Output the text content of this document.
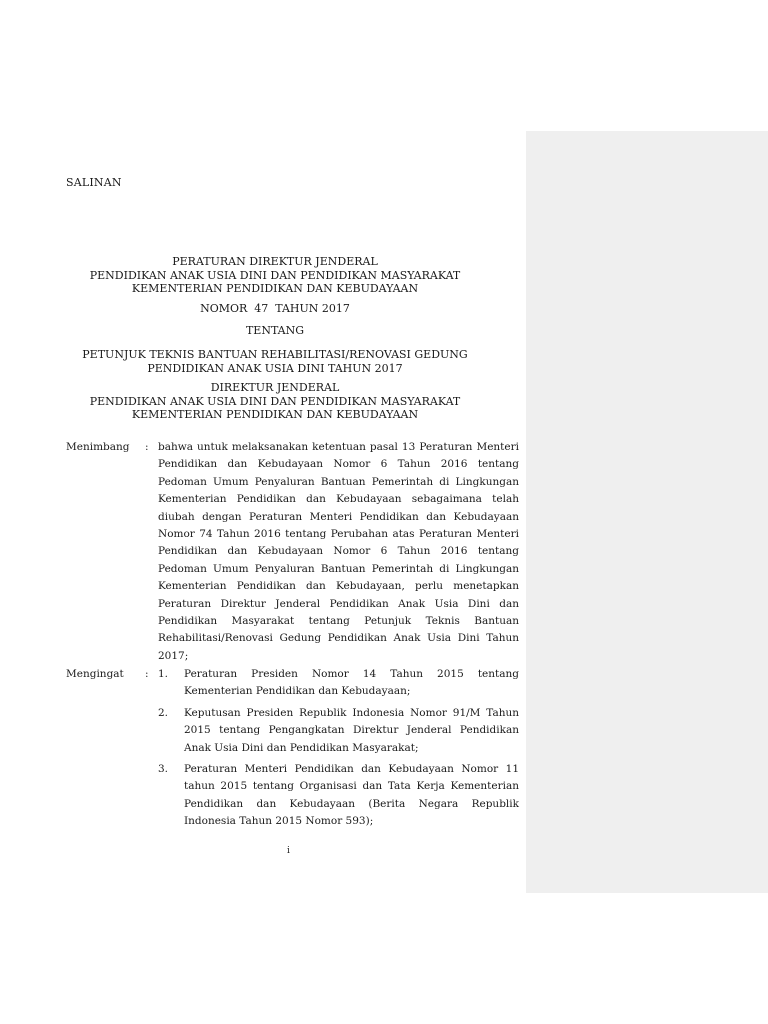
SALINAN
PERATURAN DIREKTUR JENDERAL
PENDIDIKAN ANAK USIA DINI DAN PENDIDIKAN MASYARAKAT
KEMENTERIAN PENDIDIKAN DAN KEBUDAYAAN
NOMOR  47  TAHUN 2017
TENTANG
PETUNJUK TEKNIS BANTUAN REHABILITASI/RENOVASI GEDUNG
PENDIDIKAN ANAK USIA DINI TAHUN 2017
DIREKTUR JENDERAL
PENDIDIKAN ANAK USIA DINI DAN PENDIDIKAN MASYARAKAT
KEMENTERIAN PENDIDIKAN DAN KEBUDAYAAN
Menimbang : bahwa untuk melaksanakan ketentuan pasal 13 Peraturan Menteri Pendidikan dan Kebudayaan Nomor 6 Tahun 2016 tentang Pedoman Umum Penyaluran Bantuan Pemerintah di Lingkungan Kementerian Pendidikan dan Kebudayaan sebagaimana telah diubah dengan Peraturan Menteri Pendidikan dan Kebudayaan Nomor 74 Tahun 2016 tentang Perubahan atas Peraturan Menteri Pendidikan dan Kebudayaan Nomor 6 Tahun 2016 tentang Pedoman Umum Penyaluran Bantuan Pemerintah di Lingkungan Kementerian Pendidikan dan Kebudayaan, perlu menetapkan Peraturan Direktur Jenderal Pendidikan Anak Usia Dini dan Pendidikan Masyarakat tentang Petunjuk Teknis Bantuan Rehabilitasi/Renovasi Gedung Pendidikan Anak Usia Dini Tahun 2017;
Mengingat : 1.	Peraturan Presiden Nomor 14 Tahun 2015 tentang Kementerian Pendidikan dan Kebudayaan;
2.	Keputusan Presiden Republik Indonesia Nomor 91/M Tahun 2015 tentang Pengangkatan Direktur Jenderal Pendidikan Anak Usia Dini dan Pendidikan Masyarakat;
3.	Peraturan Menteri Pendidikan dan Kebudayaan Nomor 11 tahun 2015 tentang Organisasi dan Tata Kerja Kementerian Pendidikan dan Kebudayaan (Berita Negara Republik Indonesia Tahun 2015 Nomor 593);
i
